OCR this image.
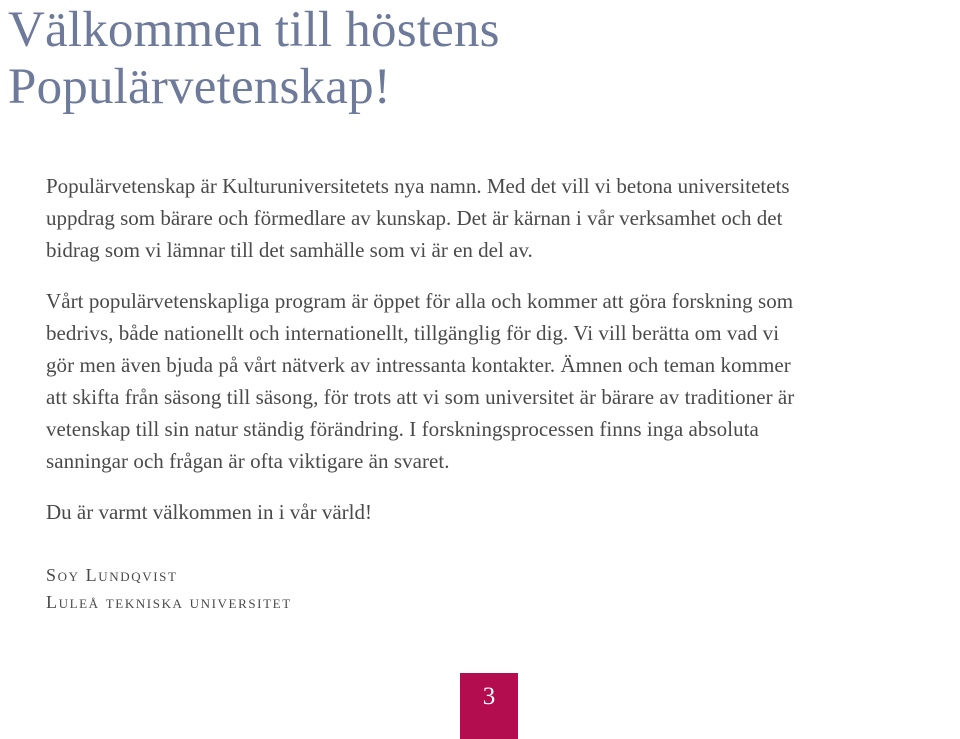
Välkommen till höstens
Populärvetenskap!

Populärvetenskap är Kulturuniversitetets nya namn. Med det vill vi betona universitetets
uppdrag som bärare och förmedlare av kunskap. Det är kärnan i vår verksamhet och det
bidrag som vi lämnar till det samhälle som vi är en del av.

Vårt populärvetenskapliga program är öppet för alla och kommer att göra forskning som
bedrivs, både nationellt och internationellt, tillgänglig för dig. Vi vill berätta om vad vi
gör men även bjuda på vårt nätverk av intressanta kontakter. Ämnen och teman kommer
att skifta från säsong till säsong, för trots att vi som universitet är bärare av traditioner är
vetenskap till sin natur ständig förändring. I forskningsprocessen finns inga absoluta
sanningar och frågan är ofta viktigare än svaret.

Du är varmt välkommen in i vår värld!

Soy Lundqvist
Luleå tekniska universitet
3
